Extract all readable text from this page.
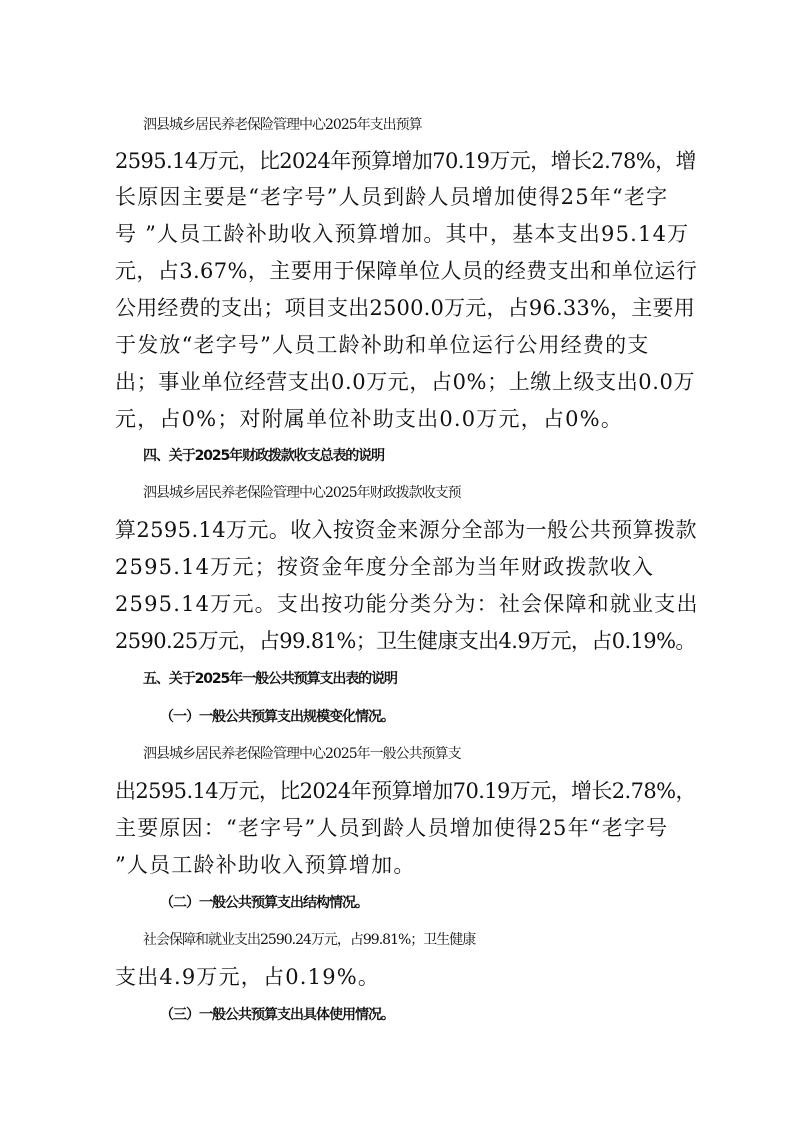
泗县城乡居民养老保险管理中心2025年支出预算
2595.14万元，比2024年预算增加70.19万元，增长2.78%，增
长原因主要是“老字号”人员到龄人员增加使得25年“老字
号 ”人员工龄补助收入预算增加。其中，基本支出95.14万
元，占3.67%，主要用于保障单位人员的经费支出和单位运行
公用经费的支出；项目支出2500.0万元，占96.33%，主要用
于发放“老字号”人员工龄补助和单位运行公用经费的支
出；事业单位经营支出0.0万元，占0%；上缴上级支出0.0万
元，占0%；对附属单位补助支出0.0万元，占0%。
四、关于2025年财政拨款收支总表的说明
泗县城乡居民养老保险管理中心2025年财政拨款收支预
算2595.14万元。收入按资金来源分全部为一般公共预算拨款
2595.14万元；按资金年度分全部为当年财政拨款收入
2595.14万元。支出按功能分类分为：社会保障和就业支出
2590.25万元，占99.81%；卫生健康支出4.9万元，占0.19%。
五、关于2025年一般公共预算支出表的说明
（一）一般公共预算支出规模变化情况。
泗县城乡居民养老保险管理中心2025年一般公共预算支
出2595.14万元，比2024年预算增加70.19万元，增长2.78%，
主要原因：“老字号”人员到龄人员增加使得25年“老字号
”人员工龄补助收入预算增加。
（二）一般公共预算支出结构情况。
社会保障和就业支出2590.24万元，占99.81%；卫生健康
支出4.9万元，占0.19%。
（三）一般公共预算支出具体使用情况。
